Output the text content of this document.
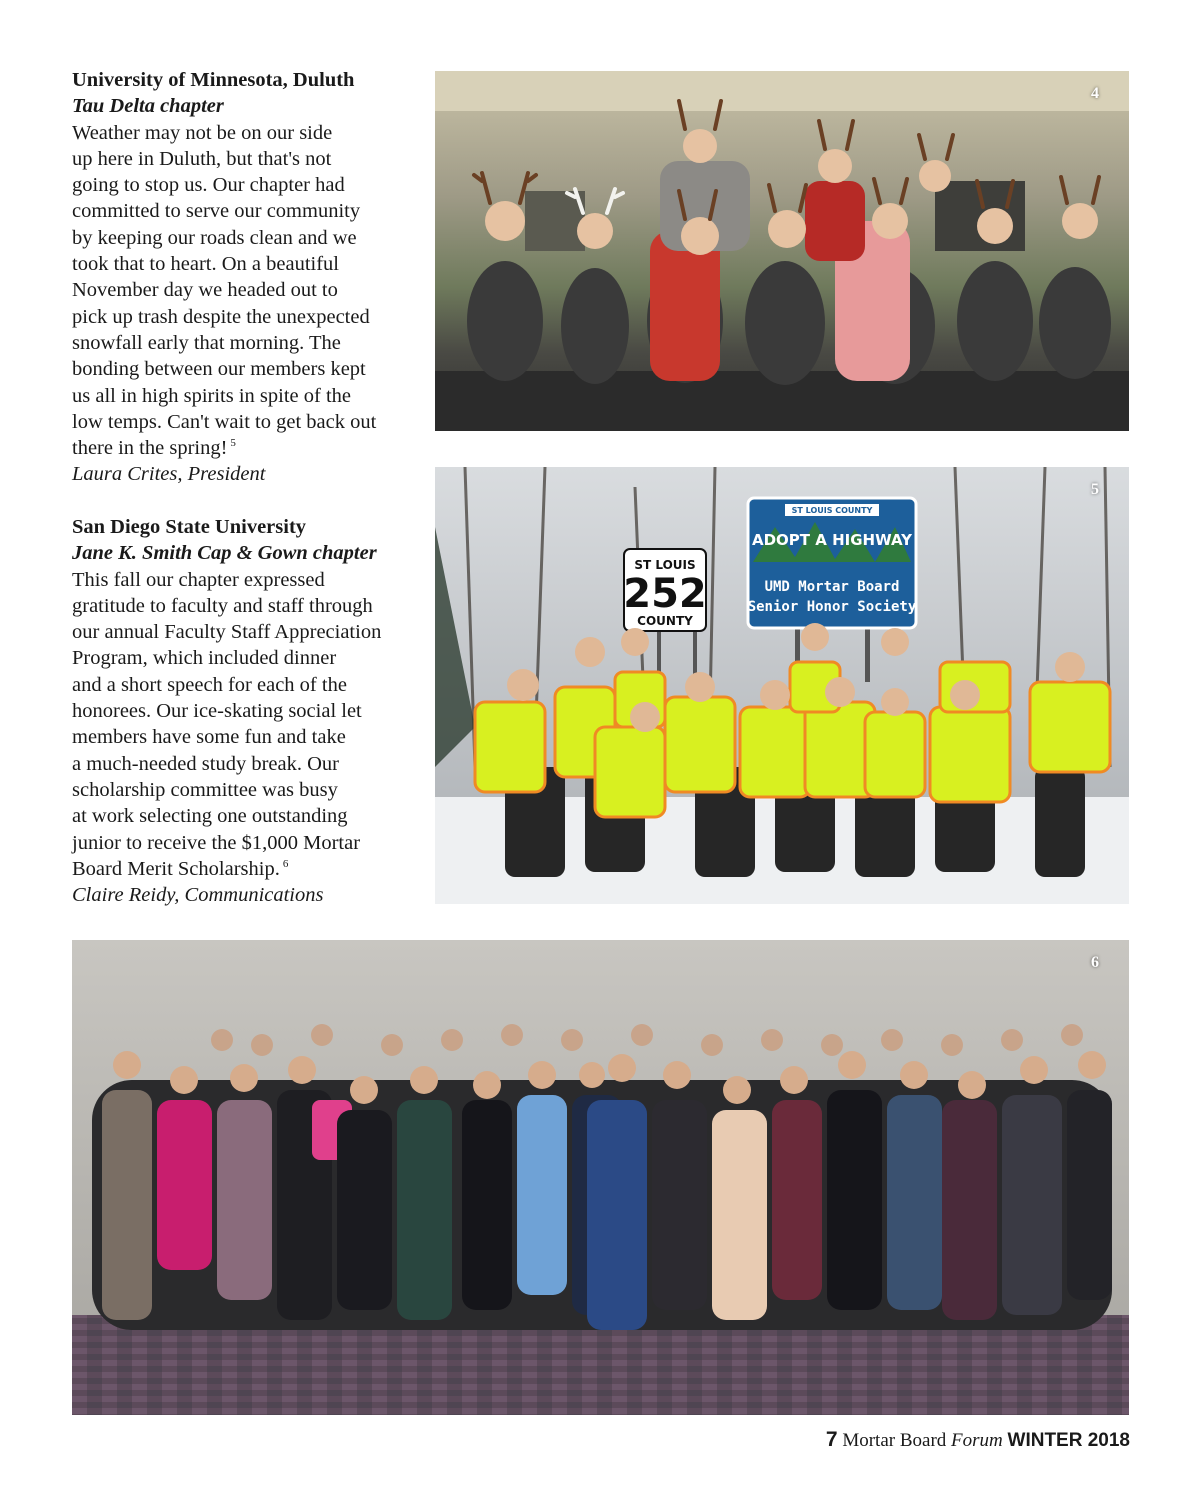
University of Minnesota, Duluth

Tau Delta chapter

Weather may not be on our side
up here in Duluth, but that's not
going to stop us. Our chapter had
committed to serve our community
by keeping our roads clean and we
took that to heart. On a beautiful
November day we headed out to
pick up trash despite the unexpected
snowfall early that morning. The
bonding between our members kept
us all in high spirits in spite of the
low temps. Can't wait to get back out
there in the spring! $^5$

Laura Crites, President

San Diego State University

Jane K. Smith Cap & Gown chapter

This fall our chapter expressed
gratitude to faculty and staff through
our annual Faculty Staff Appreciation
Program, which included dinner
and a short speech for each of the
honorees. Our ice-skating social let
members have some fun and take
a much-needed study break. Our
scholarship committee was busy
at work selecting one outstanding
junior to receive the $1,000 Mortar
Board Merit Scholarship. $^6$

Claire Reidy, Communications

4
ST LOUIS
252
COUNTY
ST LOUIS COUNTY
ADOPT A HIGHWAY
UMD Mortar Board
Senior Honor Society
5
6
7 Mortar Board Forum WINTER 2018
